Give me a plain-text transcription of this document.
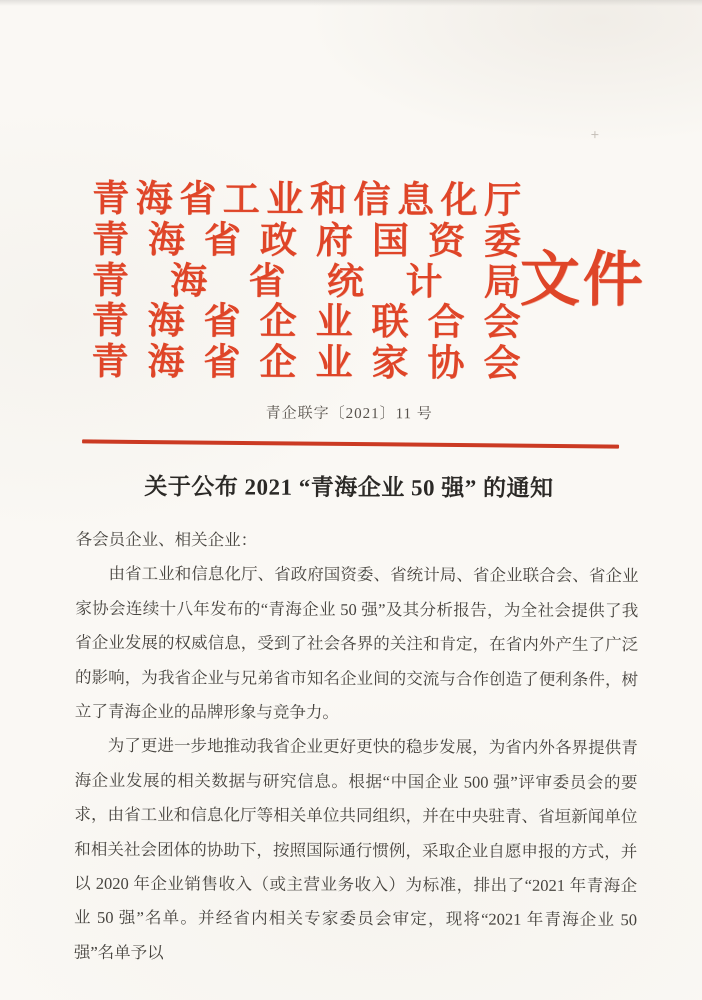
青海省工业和信息化厅
青海省政府国资委
青海省统计局
青海省企业联合会
青海省企业家协会
文件
青企联字〔2021〕11 号
关于公布 2021 “青海企业 50 强” 的通知
各会员企业、相关企业：

由省工业和信息化厅、省政府国资委、省统计局、省企业联合会、省企业家协会连续十八年发布的“青海企业 50 强”及其分析报告，为全社会提供了我省企业发展的权威信息，受到了社会各界的关注和肯定，在省内外产生了广泛的影响，为我省企业与兄弟省市知名企业间的交流与合作创造了便利条件，树立了青海企业的品牌形象与竞争力。

为了更进一步地推动我省企业更好更快的稳步发展，为省内外各界提供青海企业发展的相关数据与研究信息。根据“中国企业 500 强”评审委员会的要求，由省工业和信息化厅等相关单位共同组织，并在中央驻青、省垣新闻单位和相关社会团体的协助下，按照国际通行惯例，采取企业自愿申报的方式，并以 2020 年企业销售收入（或主营业务收入）为标准，排出了“2021 年青海企业 50 强”名单。并经省内相关专家委员会审定，现将“2021 年青海企业 50 强”名单予以
